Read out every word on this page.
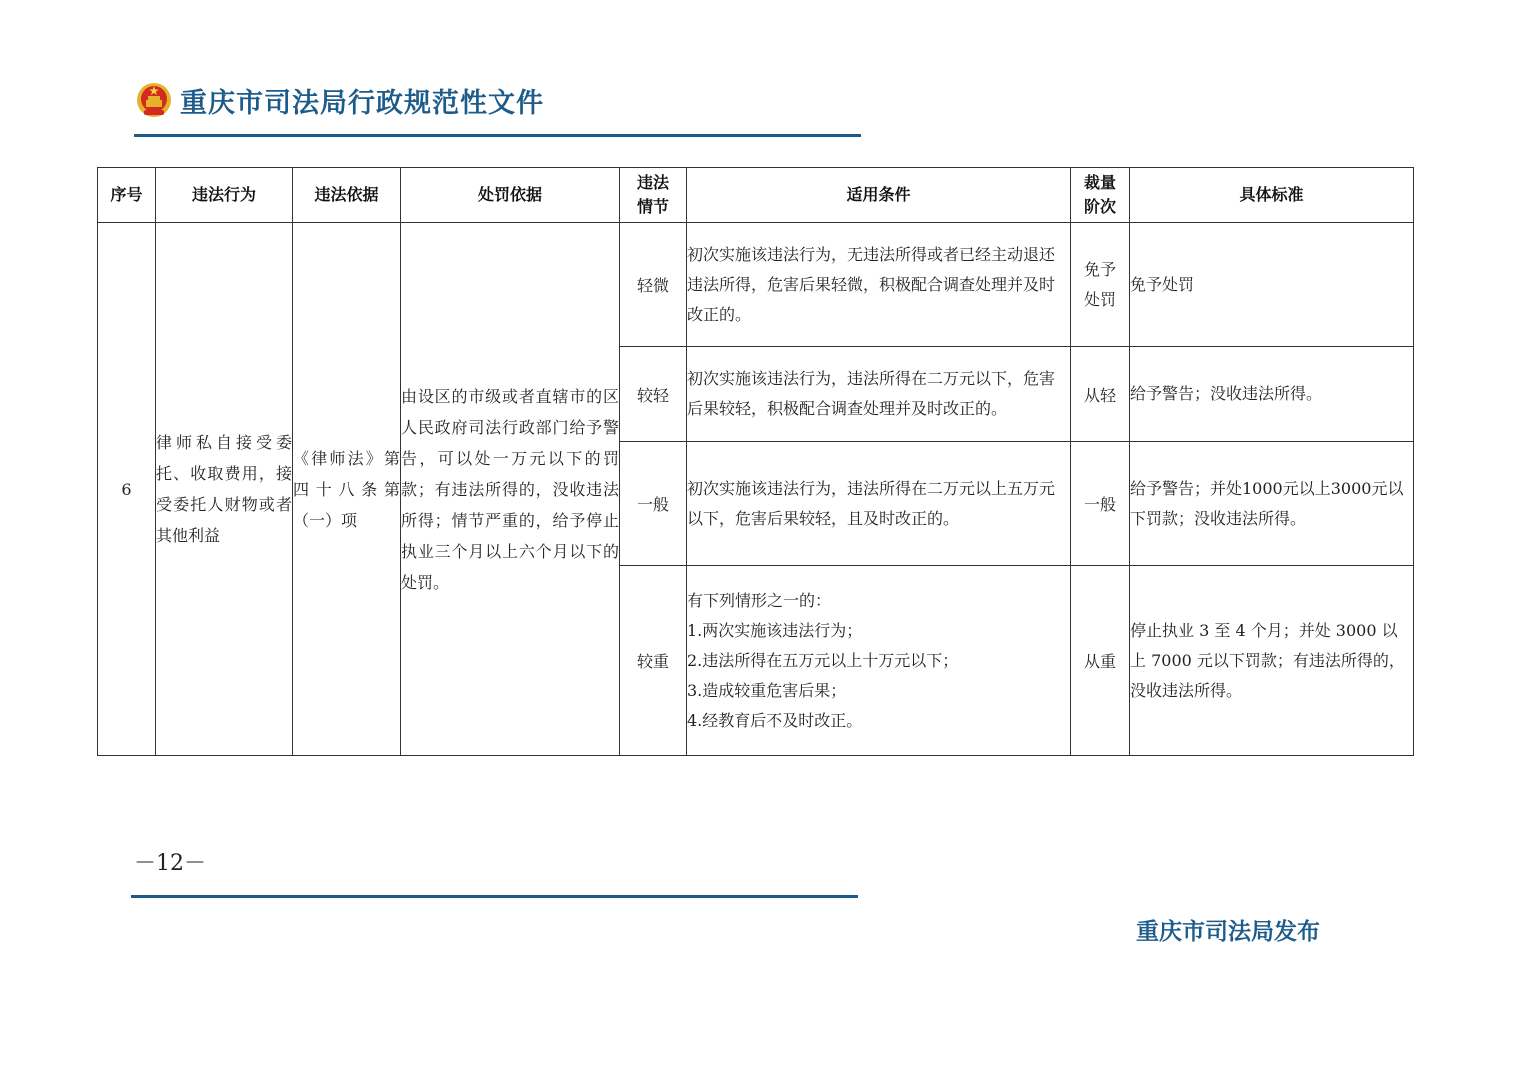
重庆市司法局行政规范性文件
序号	违法行为	违法依据	处罚依据	违法情节	适用条件	裁量阶次	具体标准
6	律师私自接受委托、收取费用，接受委托人财物或者其他利益	《律师法》第四十八条第（一）项	由设区的市级或者直辖市的区人民政府司法行政部门给予警告，可以处一万元以下的罚款；有违法所得的，没收违法所得；情节严重的，给予停止执业三个月以上六个月以下的处罚。	轻微	初次实施该违法行为，无违法所得或者已经主动退还违法所得，危害后果轻微，积极配合调查处理并及时改正的。	免予处罚	免予处罚
				较轻	初次实施该违法行为，违法所得在二万元以下，危害后果较轻，积极配合调查处理并及时改正的。	从轻	给予警告；没收违法所得。
				一般	初次实施该违法行为，违法所得在二万元以上五万元以下，危害后果较轻，且及时改正的。	一般	给予警告；并处1000元以上3000元以下罚款；没收违法所得。
				较重	有下列情形之一的：
1.两次实施该违法行为；
2.违法所得在五万元以上十万元以下；
3.造成较重危害后果；
4.经教育后不及时改正。	从重	停止执业 3 至 4 个月；并处 3000 以上 7000 元以下罚款；有违法所得的，没收违法所得。
－12－
重庆市司法局发布
